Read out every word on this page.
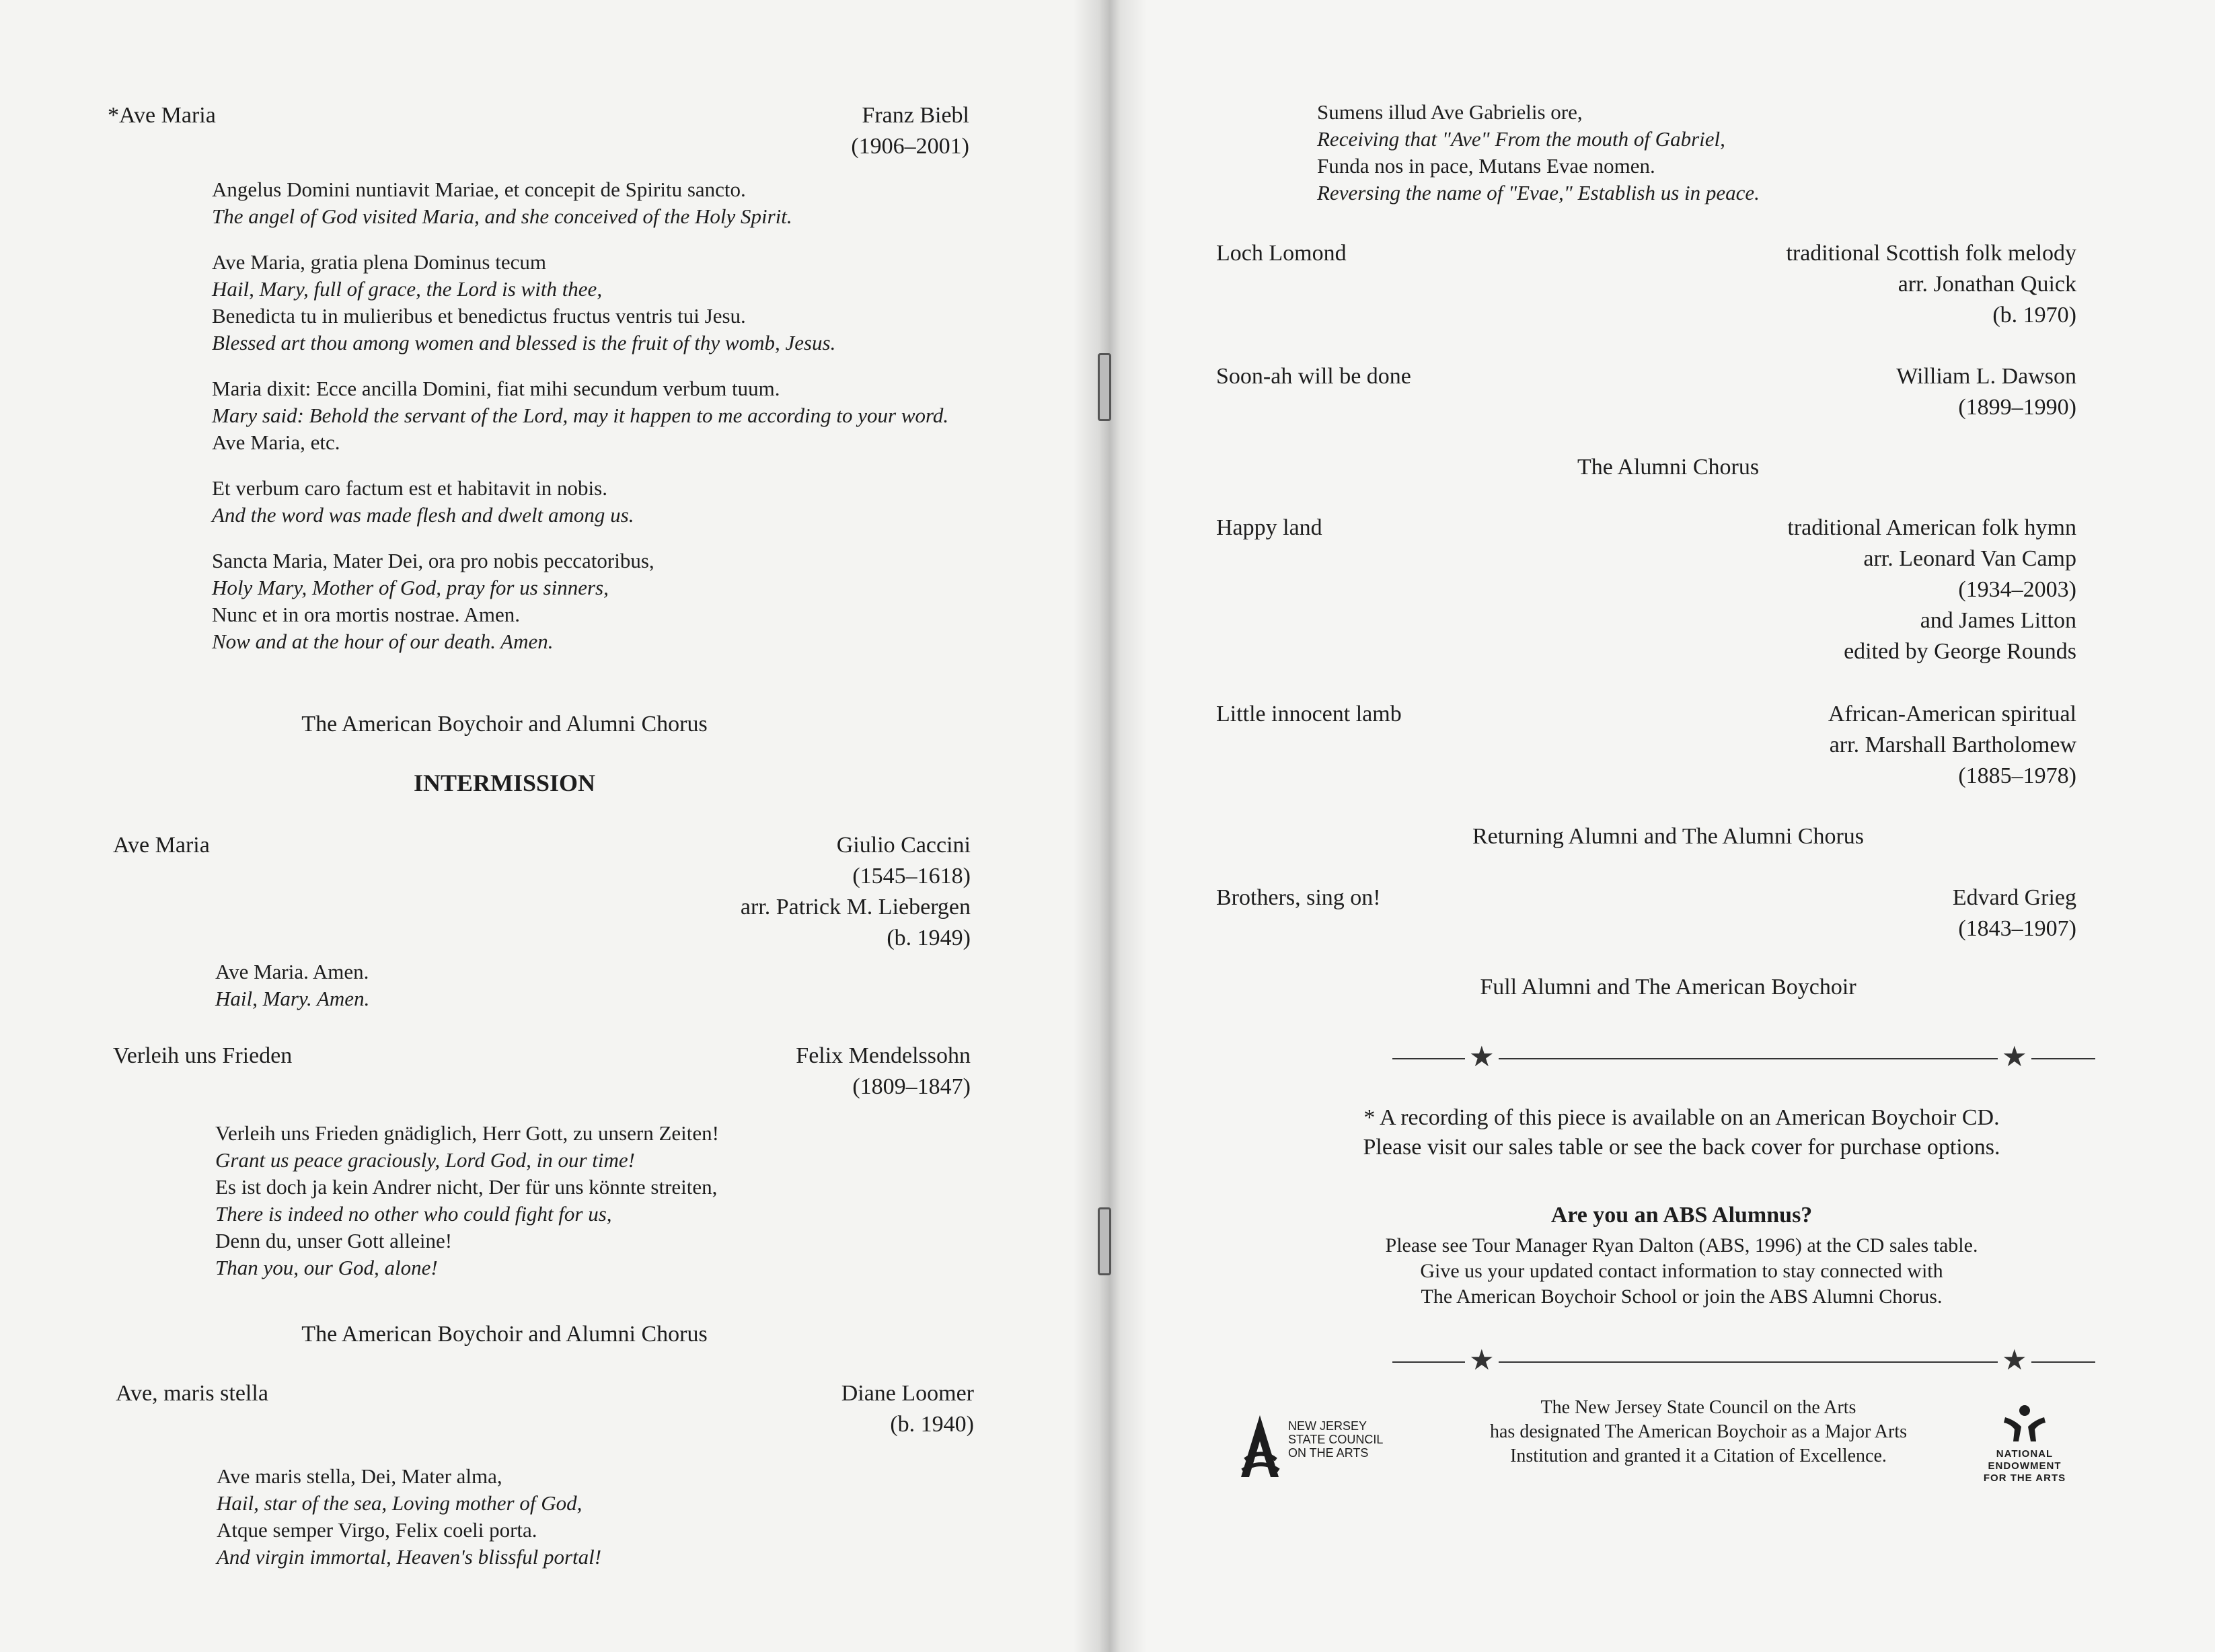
*Ave Maria	Franz Biebl
(1906–2001)
Angelus Domini nuntiavit Mariae, et concepit de Spiritu sancto.
The angel of God visited Maria, and she conceived of the Holy Spirit.
Ave Maria, gratia plena Dominus tecum
Hail, Mary, full of grace, the Lord is with thee,
Benedicta tu in mulieribus et benedictus fructus ventris tui Jesu.
Blessed art thou among women and blessed is the fruit of thy womb, Jesus.
Maria dixit: Ecce ancilla Domini, fiat mihi secundum verbum tuum.
Mary said: Behold the servant of the Lord, may it happen to me according to your word.
Ave Maria, etc.
Et verbum caro factum est et habitavit in nobis.
And the word was made flesh and dwelt among us.
Sancta Maria, Mater Dei, ora pro nobis peccatoribus,
Holy Mary, Mother of God, pray for us sinners,
Nunc et in ora mortis nostrae. Amen.
Now and at the hour of our death. Amen.
The American Boychoir and Alumni Chorus
INTERMISSION
Ave Maria	Giulio Caccini
(1545–1618)
arr. Patrick M. Liebergen
(b. 1949)
Ave Maria. Amen.
Hail, Mary. Amen.
Verleih uns Frieden	Felix Mendelssohn
(1809–1847)
Verleih uns Frieden gnädiglich, Herr Gott, zu unsern Zeiten!
Grant us peace graciously, Lord God, in our time!
Es ist doch ja kein Andrer nicht, Der für uns könnte streiten,
There is indeed no other who could fight for us,
Denn du, unser Gott alleine!
Than you, our God, alone!
The American Boychoir and Alumni Chorus
Ave, maris stella	Diane Loomer
(b. 1940)
Ave maris stella, Dei, Mater alma,
Hail, star of the sea, Loving mother of God,
Atque semper Virgo, Felix coeli porta.
And virgin immortal, Heaven's blissful portal!
Sumens illud Ave Gabrielis ore,
Receiving that "Ave" From the mouth of Gabriel,
Funda nos in pace, Mutans Evae nomen.
Reversing the name of "Evae," Establish us in peace.
Loch Lomond	traditional Scottish folk melody
arr. Jonathan Quick
(b. 1970)
Soon-ah will be done	William L. Dawson
(1899–1990)
The Alumni Chorus
Happy land	traditional American folk hymn
arr. Leonard Van Camp
(1934–2003)
and James Litton
edited by George Rounds
Little innocent lamb	African-American spiritual
arr. Marshall Bartholomew
(1885–1978)
Returning Alumni and The Alumni Chorus
Brothers, sing on!	Edvard Grieg
(1843–1907)
Full Alumni and The American Boychoir
★	★
* A recording of this piece is available on an American Boychoir CD.
Please visit our sales table or see the back cover for purchase options.
Are you an ABS Alumnus?
Please see Tour Manager Ryan Dalton (ABS, 1996) at the CD sales table.
Give us your updated contact information to stay connected with
The American Boychoir School or join the ABS Alumni Chorus.
★	★
NEW JERSEY
STATE COUNCIL
ON THE ARTS
The New Jersey State Council on the Arts
has designated The American Boychoir as a Major Arts
Institution and granted it a Citation of Excellence.	NATIONAL
ENDOWMENT
FOR THE ARTS
